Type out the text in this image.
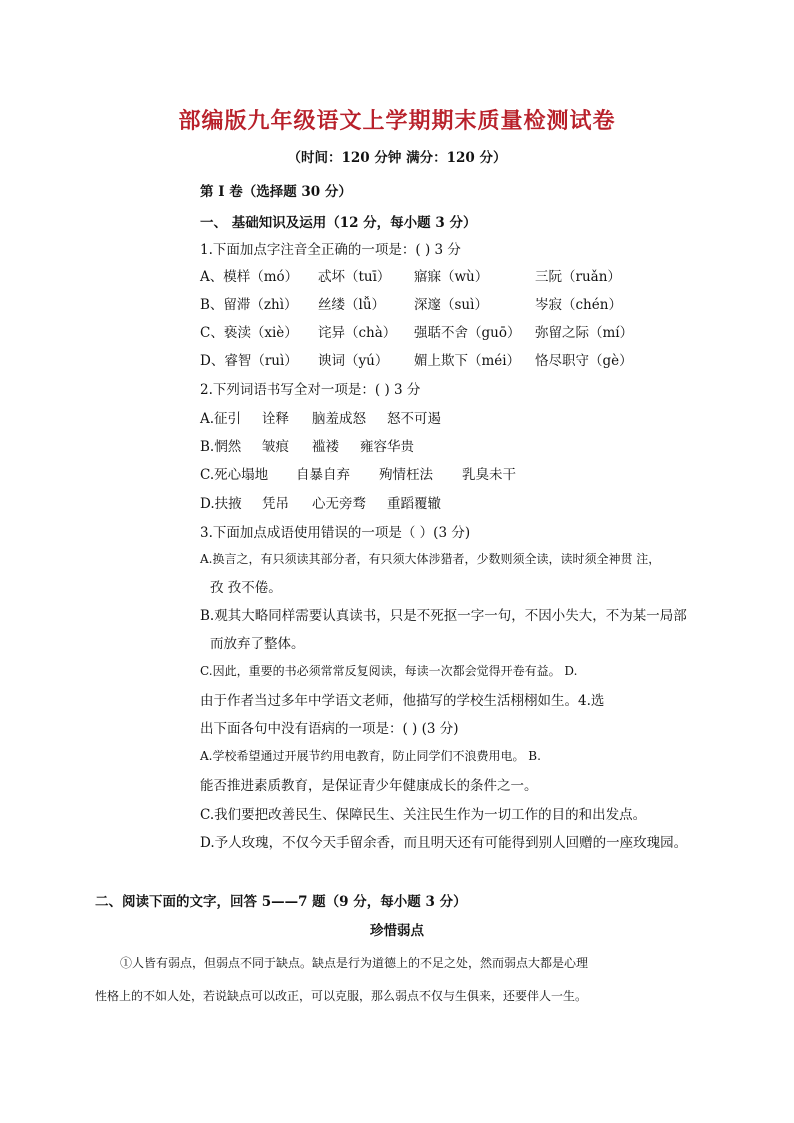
部编版九年级语文上学期期末质量检测试卷
（时间：120 分钟 满分：120 分）
第 Ⅰ 卷（选择题 30 分）
一、 基础知识及运用（12 分，每小题 3 分）
1.下面加点字注音全正确的一项是：( ) 3 分
A、模样（mó） 忒坏（tuī） 寤寐（wù）	三阮（ruǎn）
B、留滞（zhì） 丝缕（lǚ） 深邃（suì）	岑寂（chén）
C、亵渎（xiè） 诧异（chà） 强聒不舍（guō） 弥留之际（mí）
D、睿智（ruì） 谀词（yú） 媚上欺下（méi） 恪尽职守（gè）
2.下列词语书写全对一项是：( ) 3 分
A.征引 诠释 脑羞成怒 怒不可遏
B.惘然 皱痕 褴褛 雍容华贵
C.死心塌地 自暴自弃 殉情枉法 乳臭未干
D.扶掖 凭吊 心无旁骛 重蹈覆辙
3.下面加点成语使用错误的一项是（ ）(3 分)
A.换言之，有只须读其部分者，有只须大体涉猎者，少数则须全读，读时须全神贯 注，
孜 孜不倦。
B.观其大略同样需要认真读书，只是不死抠一字一句，不因小失大，不为某一局部
而放弃了整体。
C.因此，重要的书必须常常反复阅读，每读一次都会觉得开卷有益。 D.
由于作者当过多年中学语文老师，他描写的学校生活栩栩如生。4.选
出下面各句中没有语病的一项是：( ) (3 分)
A.学校希望通过开展节约用电教育，防止同学们不浪费用电。 B.
能否推进素质教育，是保证青少年健康成长的条件之一。
C.我们要把改善民生、保障民生、关注民生作为一切工作的目的和出发点。
D.予人玫瑰，不仅今天手留余香，而且明天还有可能得到别人回赠的一座玫瑰园。
二、阅读下面的文字，回答 5——7 题（9 分，每小题 3 分）
珍惜弱点
①人皆有弱点，但弱点不同于缺点。缺点是行为道德上的不足之处，然而弱点大都是心理
性格上的不如人处，若说缺点可以改正，可以克服，那么弱点不仅与生俱来，还要伴人一生。
